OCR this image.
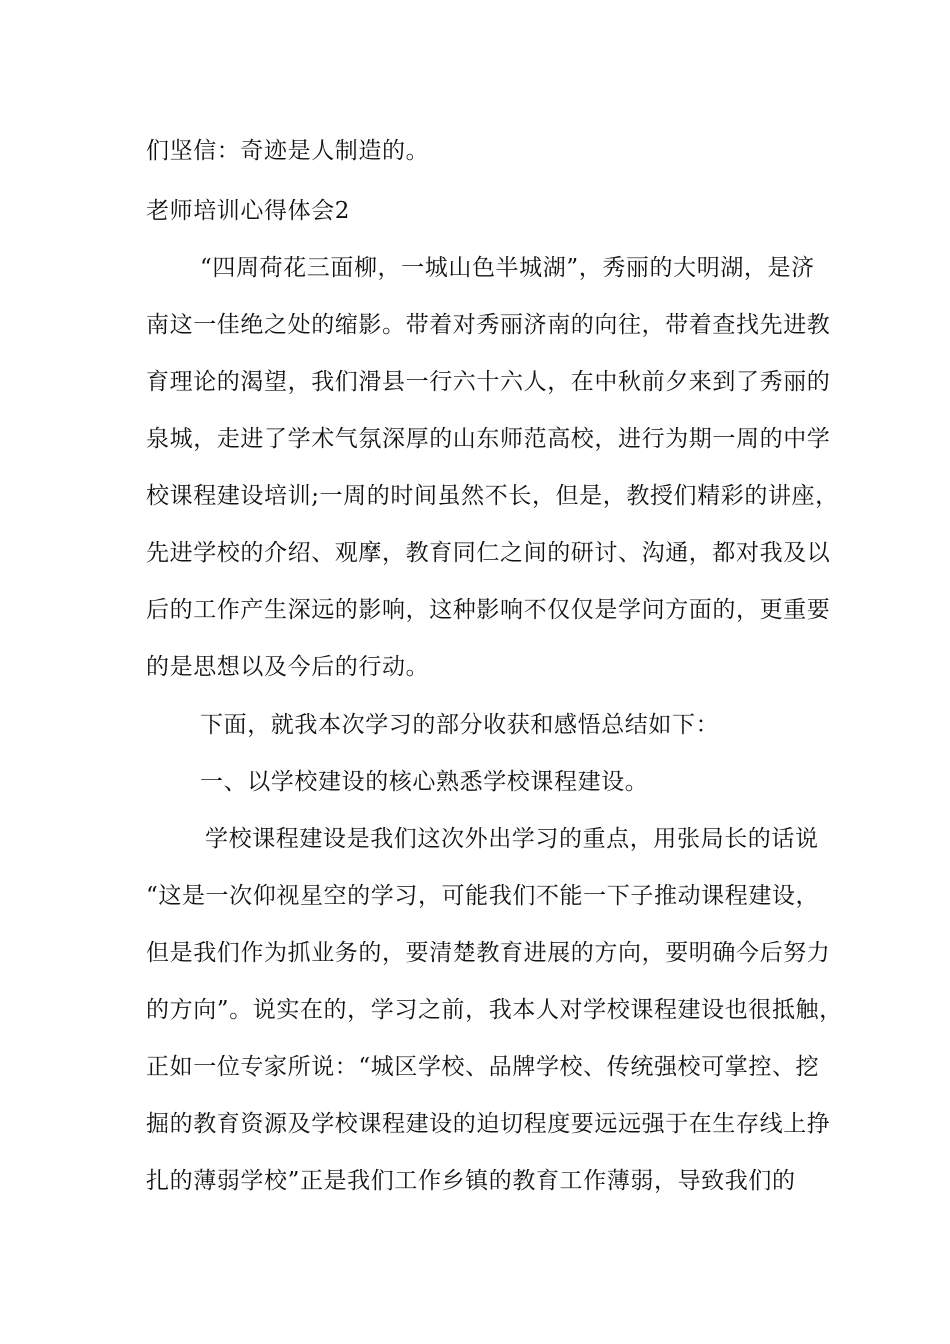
们坚信：奇迹是人制造的。
老师培训心得体会2
“四周荷花三面柳，一城山色半城湖”，秀丽的大明湖，是济
南这一佳绝之处的缩影。带着对秀丽济南的向往，带着查找先进教
育理论的渴望，我们滑县一行六十六人，在中秋前夕来到了秀丽的
泉城，走进了学术气氛深厚的山东师范高校，进行为期一周的中学
校课程建设培训;一周的时间虽然不长，但是，教授们精彩的讲座，
先进学校的介绍、观摩，教育同仁之间的研讨、沟通，都对我及以
后的工作产生深远的影响，这种影响不仅仅是学问方面的，更重要
的是思想以及今后的行动。
下面，就我本次学习的部分收获和感悟总结如下：
一、以学校建设的核心熟悉学校课程建设。
学校课程建设是我们这次外出学习的重点，用张局长的话说
“这是一次仰视星空的学习，可能我们不能一下子推动课程建设，
但是我们作为抓业务的，要清楚教育进展的方向，要明确今后努力
的方向”。说实在的，学习之前，我本人对学校课程建设也很抵触，
正如一位专家所说：“城区学校、品牌学校、传统强校可掌控、挖
掘的教育资源及学校课程建设的迫切程度要远远强于在生存线上挣
扎的薄弱学校”正是我们工作乡镇的教育工作薄弱，导致我们的
